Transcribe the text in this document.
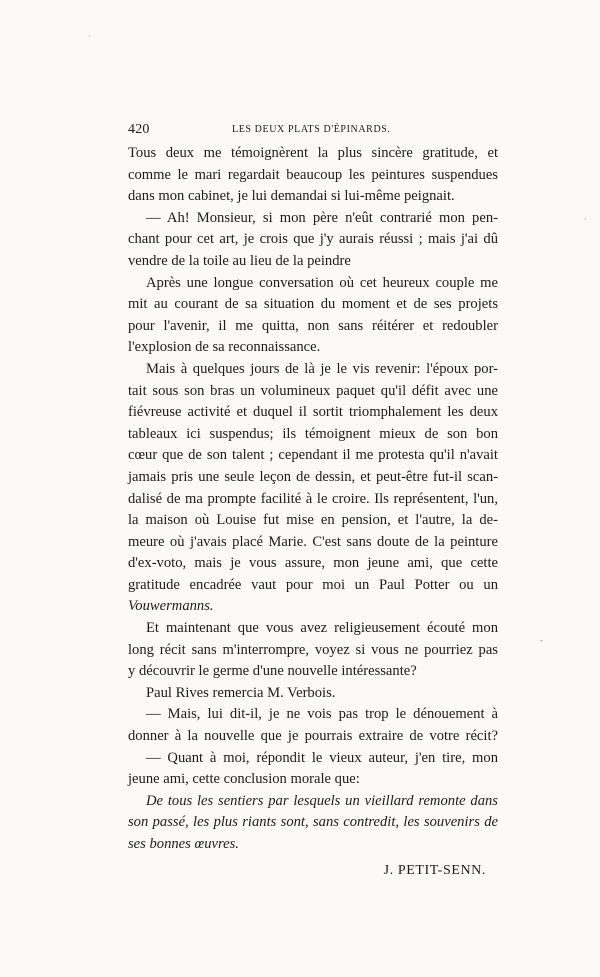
·
·
-
420	LES DEUX PLATS D'ÉPINARDS.
Tous deux me témoignèrent la plus sincère gratitude, et
comme le mari regardait beaucoup les peintures suspendues
dans mon cabinet, je lui demandai si lui-même peignait.
— Ah! Monsieur, si mon père n'eût contrarié mon pen-
chant pour cet art, je crois que j'y aurais réussi ; mais j'ai dû
vendre de la toile au lieu de la peindre
Après une longue conversation où cet heureux couple me
mit au courant de sa situation du moment et de ses projets
pour l'avenir, il me quitta, non sans réitérer et redoubler
l'explosion de sa reconnaissance.
Mais à quelques jours de là je le vis revenir: l'époux por-
tait sous son bras un volumineux paquet qu'il défit avec une
fiévreuse activité et duquel il sortit triomphalement les deux
tableaux ici suspendus; ils témoignent mieux de son bon
cœur que de son talent ; cependant il me protesta qu'il n'avait
jamais pris une seule leçon de dessin, et peut-être fut-il scan-
dalisé de ma prompte facilité à le croire. Ils représentent, l'un,
la maison où Louise fut mise en pension, et l'autre, la de-
meure où j'avais placé Marie. C'est sans doute de la peinture
d'ex-voto, mais je vous assure, mon jeune ami, que cette
gratitude encadrée vaut pour moi un Paul Potter ou un
Vouwermanns.
Et maintenant que vous avez religieusement écouté mon
long récit sans m'interrompre, voyez si vous ne pourriez pas
y découvrir le germe d'une nouvelle intéressante?
Paul Rives remercia M. Verbois.
— Mais, lui dit-il, je ne vois pas trop le dénouement à
donner à la nouvelle que je pourrais extraire de votre récit?
— Quant à moi, répondit le vieux auteur, j'en tire, mon
jeune ami, cette conclusion morale que:
De tous les sentiers par lesquels un vieillard remonte dans
son passé, les plus riants sont, sans contredit, les souvenirs de
ses bonnes œuvres.
J. PETIT-SENN.
